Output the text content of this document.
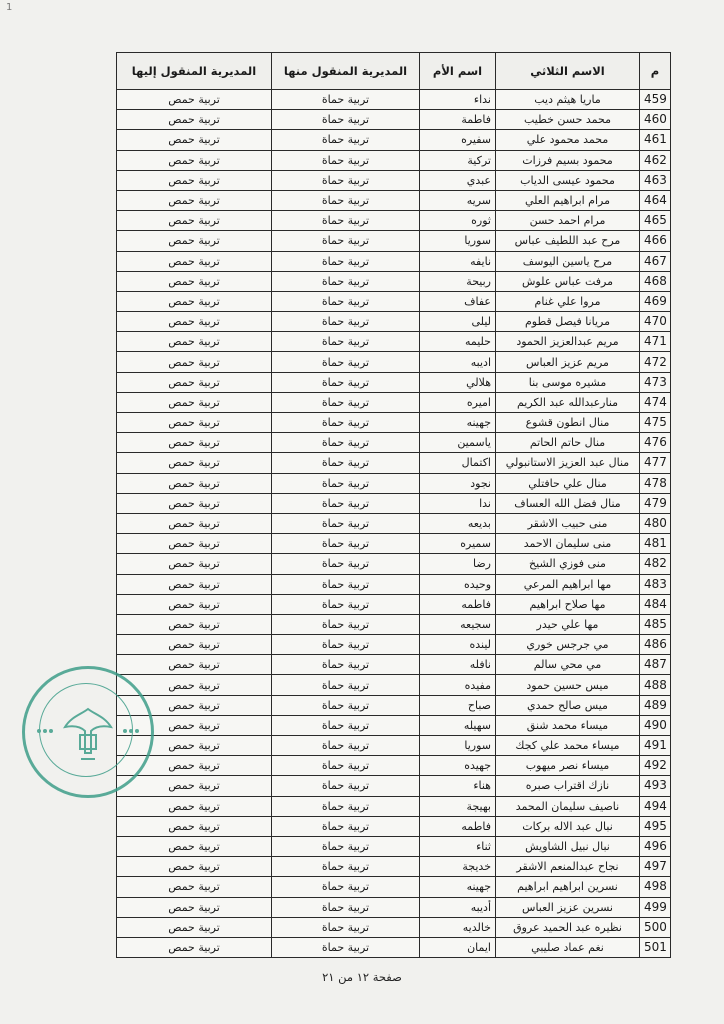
1
م	الاسم الثلاثي	اسم الأم	المديرية المنقول منها	المديرية المنقول إليها
459	ماريا هيثم ديب	نداء	تربية حماة	تربية حمص
460	محمد حسن خطيب	فاطمة	تربية حماة	تربية حمص
461	محمد محمود علي	سفيره	تربية حماة	تربية حمص
462	محمود بسيم فرزات	تركية	تربية حماة	تربية حمص
463	محمود عيسى الدياب	عبدي	تربية حماة	تربية حمص
464	مرام ابراهيم العلي	سريه	تربية حماة	تربية حمص
465	مرام احمد حسن	ثوره	تربية حماة	تربية حمص
466	مرح عبد اللطيف عباس	سوريا	تربية حماة	تربية حمص
467	مرح ياسين اليوسف	نايفه	تربية حماة	تربية حمص
468	مرفت عباس علوش	ربيحة	تربية حماة	تربية حمص
469	مروا علي غنام	عفاف	تربية حماة	تربية حمص
470	مريانا فيصل قطوم	ليلى	تربية حماة	تربية حمص
471	مريم عبدالعزيز الحمود	حليمه	تربية حماة	تربية حمص
472	مريم عزيز العباس	اديبه	تربية حماة	تربية حمص
473	مشيره موسى بنا	هلالي	تربية حماة	تربية حمص
474	منارعبدالله عبد الكريم	اميره	تربية حماة	تربية حمص
475	منال انطون قشوع	جهينه	تربية حماة	تربية حمص
476	منال حاتم الحاتم	ياسمين	تربية حماة	تربية حمص
477	منال عبد العزيز الاستانبولي	اكتمال	تربية حماة	تربية حمص
478	منال علي حافتلي	نجود	تربية حماة	تربية حمص
479	منال فضل الله العساف	ندا	تربية حماة	تربية حمص
480	منى حبيب الاشقر	بديعه	تربية حماة	تربية حمص
481	منى سليمان الاحمد	سميره	تربية حماة	تربية حمص
482	منى فوزي الشيخ	رضا	تربية حماة	تربية حمص
483	مها ابراهيم المرعي	وحيده	تربية حماة	تربية حمص
484	مها صلاح ابراهيم	فاطمه	تربية حماة	تربية حمص
485	مها علي حيدر	سجيعه	تربية حماة	تربية حمص
486	مي جرجس خوري	لينده	تربية حماة	تربية حمص
487	مي محي سالم	نافله	تربية حماة	تربية حمص
488	ميس حسين حمود	مفيده	تربية حماة	تربية حمص
489	ميس صالح حمدي	صباح	تربية حماة	تربية حمص
490	ميساء محمد شنق	سهيله	تربية حماة	تربية حمص
491	ميساء محمد علي كجك	سوريا	تربية حماة	تربية حمص
492	ميساء نصر ميهوب	جهيده	تربية حماة	تربية حمص
493	نازك اقتراب صبره	هناء	تربية حماة	تربية حمص
494	ناصيف سليمان المحمد	بهيجة	تربية حماة	تربية حمص
495	نبال عبد الاله بركات	فاطمه	تربية حماة	تربية حمص
496	نبال نبيل الشاويش	ثناء	تربية حماة	تربية حمص
497	نجاح عبدالمنعم الاشقر	خديجة	تربية حماة	تربية حمص
498	نسرين ابراهيم ابراهيم	جهينه	تربية حماة	تربية حمص
499	نسرين عزيز العباس	أديبه	تربية حماة	تربية حمص
500	نظيره عبد الحميد عروق	خالديه	تربية حماة	تربية حمص
501	نغم عماد صليبي	ايمان	تربية حماة	تربية حمص
صفحة ١٢ من ٢١
